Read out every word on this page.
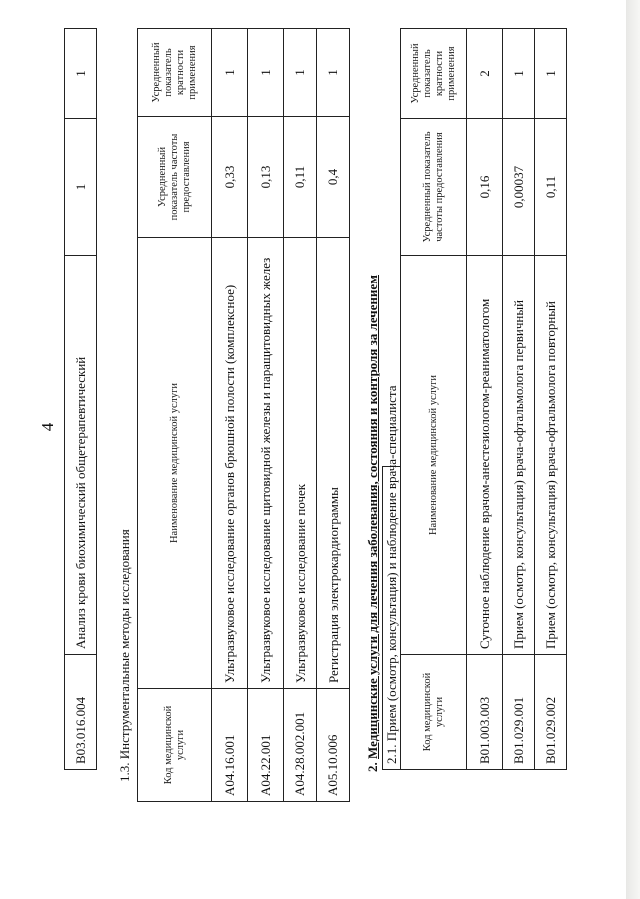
4
B03.016.004	Анализ крови биохимический общетерапевтический	1	1
1.3. Инструментальные методы исследования	Код медицинской услуги	Наименование медицинской услуги	Усредненный показатель частоты предоставления	Усредненный показатель кратности применения
A04.16.001	Ультразвуковое исследование органов брюшной полости (комплексное)	0,33	1
A04.22.001	Ультразвуковое исследование щитовидной железы и паращитовидных желез	0,13	1
A04.28.002.001	Ультразвуковое исследование почек	0,11	1
A05.10.006	Регистрация электрокардиограммы	0,4	1
2. Медицинские услуги для лечения заболевания, состояния и контроля за лечением 2.1. Прием (осмотр, консультация) и наблюдение врача-специалиста Код медицинской услуги	Наименование медицинской услуги	Усредненный показатель частоты предоставления	Усредненный показатель кратности применения
B01.003.003	Суточное наблюдение врачом-анестезиологом-реаниматологом	0,16	2
B01.029.001	Прием (осмотр, консультация) врача-офтальмолога первичный	0,00037	1
B01.029.002	Прием (осмотр, консультация) врача-офтальмолога повторный	0,11	1
